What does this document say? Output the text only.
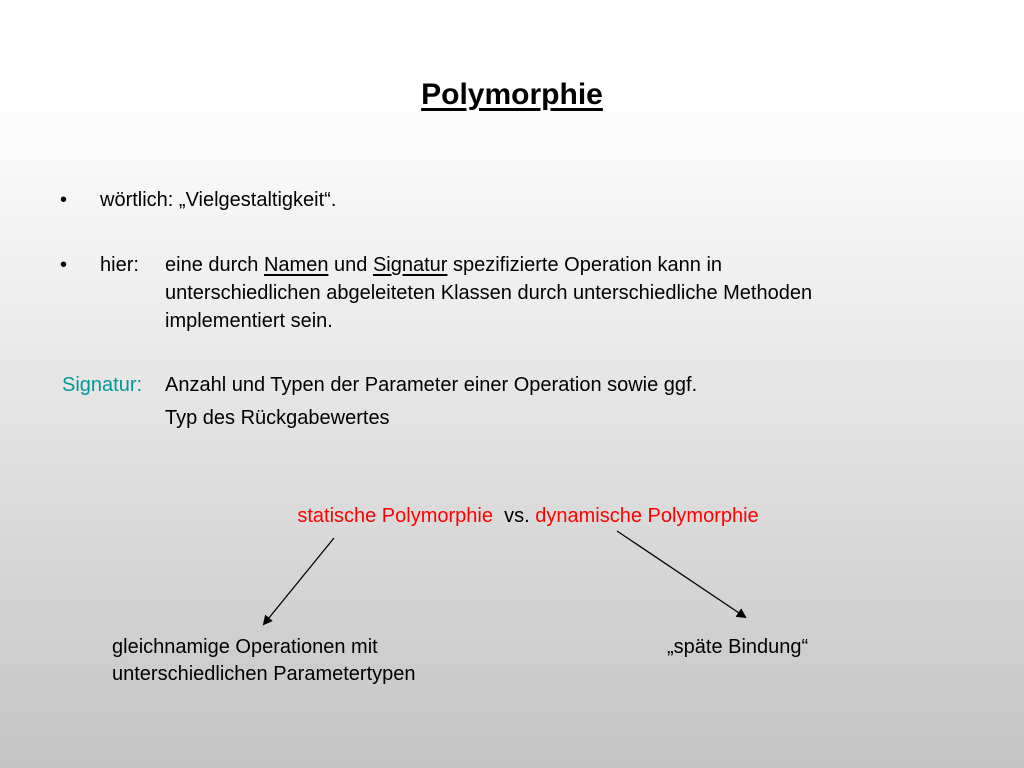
Polymorphie
• wörtlich: „Vielgestaltigkeit“.
• hier: eine durch Namen und Signatur spezifizierte Operation kann in
unterschiedlichen abgeleiteten Klassen durch unterschiedliche Methoden
implementiert sein.
Signatur: Anzahl und Typen der Parameter einer Operation sowie ggf.
Typ des Rückgabewertes
statische Polymorphie vs. dynamische Polymorphie
gleichnamige Operationen mit
unterschiedlichen Parametertypen
„späte Bindung“
